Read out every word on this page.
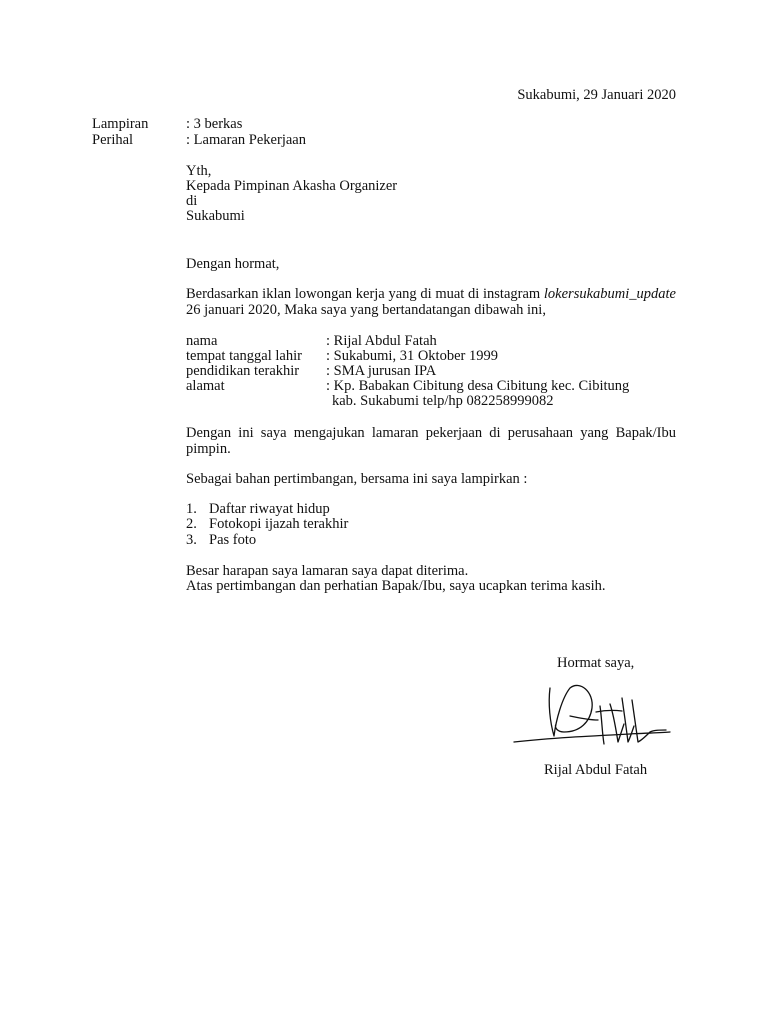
Sukabumi, 29 Januari 2020
Lampiran	: 3 berkas
Perihal	: Lamaran Pekerjaan
Yth,
Kepada Pimpinan Akasha Organizer
di
Sukabumi
Dengan hormat,
Berdasarkan iklan lowongan kerja yang di muat di instagram lokersukabumi_update
26 januari 2020, Maka saya yang bertandatangan dibawah ini,
nama	: Rijal Abdul Fatah
tempat tanggal lahir : Sukabumi, 31 Oktober 1999
pendidikan terakhir : SMA jurusan IPA
alamat	: Kp. Babakan Cibitung desa Cibitung kec. Cibitung
kab. Sukabumi telp/hp 082258999082
Dengan ini saya mengajukan lamaran pekerjaan di perusahaan yang Bapak/Ibu
pimpin.
Sebagai bahan pertimbangan, bersama ini saya lampirkan :
1. Daftar riwayat hidup
2. Fotokopi ijazah terakhir
3. Pas foto
Besar harapan saya lamaran saya dapat diterima.
Atas pertimbangan dan perhatian Bapak/Ibu, saya ucapkan terima kasih.
Hormat saya,
Rijal Abdul Fatah
